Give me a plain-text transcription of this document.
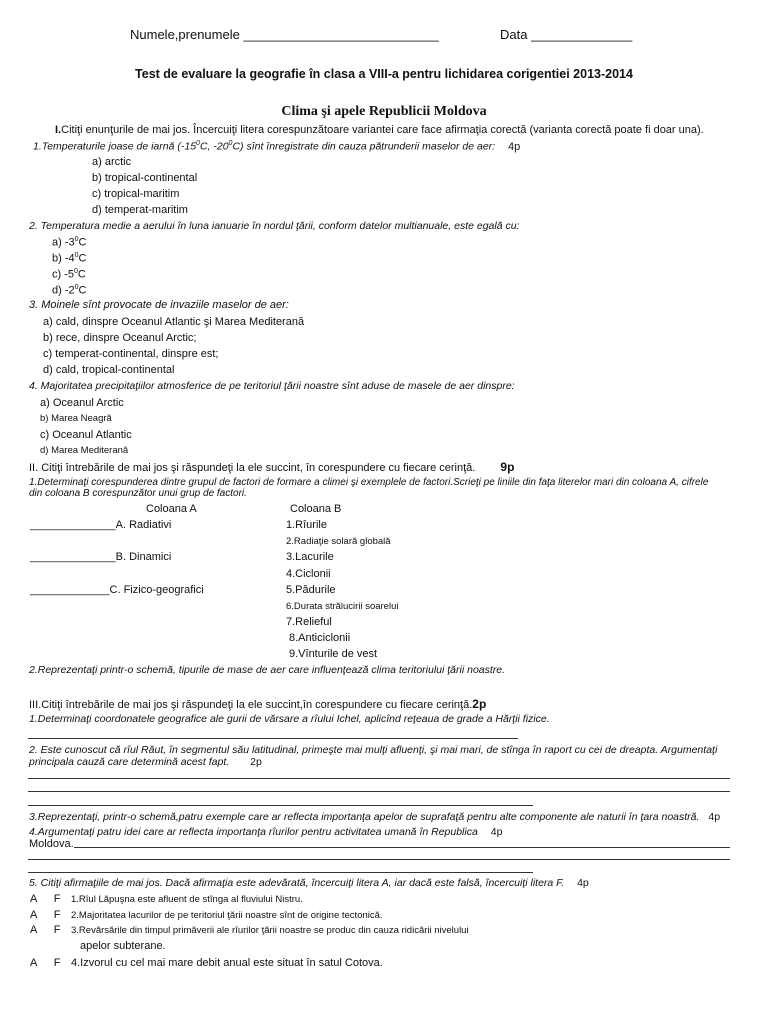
Numele,prenumele ___________________________	Data ______________
Test de evaluare la geografie în clasa a VIII-a pentru lichidarea corigentiei 2013-2014
Clima şi apele Republicii Moldova
I.Citiţi enunţurile de mai jos. Încercuiţi litera corespunzătoare variantei care face afirmaţia corectă (varianta corectă poate fi doar una).
1.Temperaturile joase de iarnă ($-15^0C$, $-20^0C$) sînt înregistrate din cauza pătrunderii maselor de aer: 4p
a) arctic
b) tropical-continental
c) tropical-maritim
d) temperat-maritim
2. Temperatura medie a aerului în luna ianuarie în nordul ţării, conform datelor multianuale, este egală cu:
a) $-3^0C$
b) $-4^0C$
c) $-5^0C$
d) $-2^0C$
3. Moinele sînt provocate de invaziile maselor de aer:
a) cald, dinspre Oceanul Atlantic şi Marea Mediterană
b) rece, dinspre Oceanul Arctic;
c) temperat-continental, dinspre est;
d) cald, tropical-continental
4. Majoritatea precipitaţiilor atmosferice de pe teritoriul ţării noastre sînt aduse de masele de aer dinspre:
a) Oceanul Arctic
b) Marea Neagră
c) Oceanul Atlantic
d) Marea Mediterană
II. Citiţi întrebările de mai jos şi răspundeţi la ele succint, în corespundere cu fiecare cerinţă. 9p
1.Determinaţi corespunderea dintre grupul de factori de formare a climei şi exemplele de factori.Scrieţi pe liniile din faţa literelor mari din coloana A, cifrele
din coloana B corespunzător unui grup de factori.
Coloana A	Coloana B
______________A. Radiativi
______________B. Dinamici
_____________C. Fizico-geografici
1.Rîurile
2.Radiaţie solară globală
3.Lacurile
4.Ciclonii
5.Pădurile
6.Durata strălucirii soarelui
7.Relieful
8.Anticiclonii
9.Vînturile de vest
2.Reprezentaţi printr-o schemă, tipurile de mase de aer care influenţează clima teritoriului ţării noastre.
III.Citiţi întrebările de mai jos şi răspundeţi la ele succint,în corespundere cu fiecare cerinţă.2p
1.Determinaţi coordonatele geografice ale gurii de vărsare a rîului Ichel, aplicînd reţeaua de grade a Hărţii fizice.
2. Este cunoscut că rîul Răut, în segmentul său latitudinal, primeşte mai mulţi afluenţi, şi mai mari, de stînga în raport cu cei de dreapta. Argumentaţi
principala cauză care determină acest fapt. 2p
3.Reprezentaţi, printr-o schemă,patru exemple care ar reflecta importanţa apelor de suprafaţă pentru alte componente ale naturii în ţara noastră. 4p
4.Argumentaţi patru idei care ar reflecta importanţa rîurilor pentru activitatea umană în Republica 4p
Moldova.
5. Citiţi afirmaţiile de mai jos. Dacă afirmaţia este adevărată, încercuiţi litera A, iar dacă este falsă, încercuiţi litera F. 4p
A F 1.Rîul Lăpuşna este afluent de stînga al fluviului Nistru.
A F 2.Majoritatea lacurilor de pe teritoriul ţării noastre sînt de origine tectonică.
A F 3.Revărsările din timpul primăverii ale rîurilor ţării noastre se produc din cauza ridicării nivelului
apelor subterane.
A F 4.Izvorul cu cel mai mare debit anual este situat în satul Cotova.
